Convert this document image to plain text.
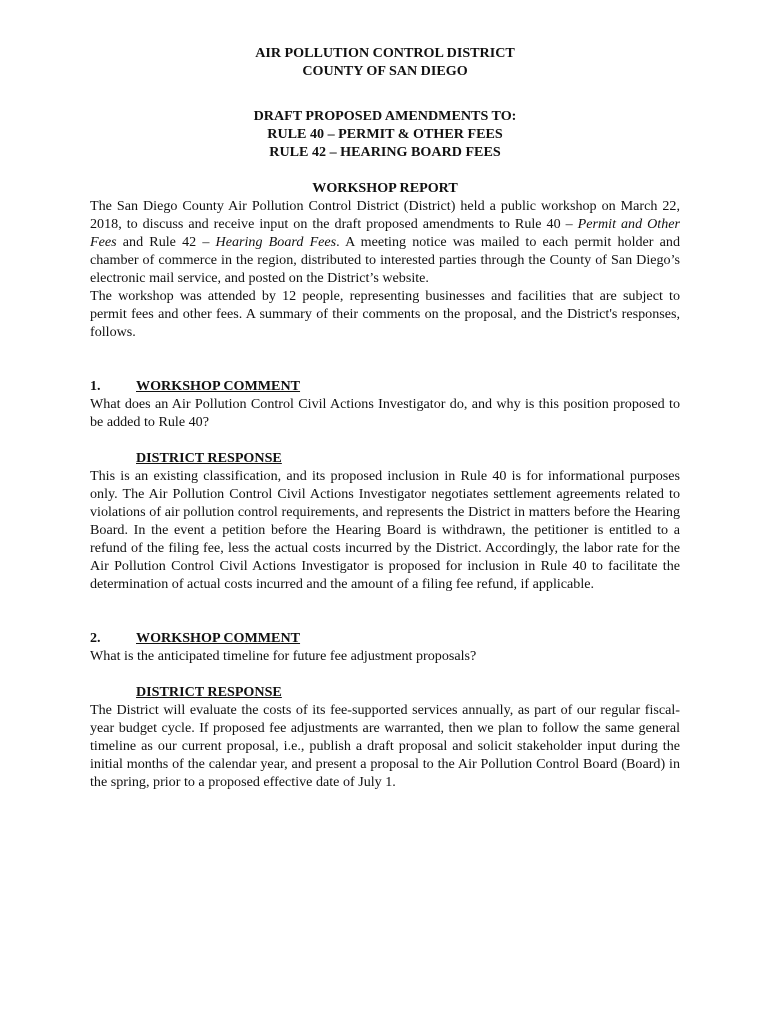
AIR POLLUTION CONTROL DISTRICT
COUNTY OF SAN DIEGO
DRAFT PROPOSED AMENDMENTS TO:
RULE 40 – PERMIT & OTHER FEES
RULE 42 – HEARING BOARD FEES
WORKSHOP REPORT

The San Diego County Air Pollution Control District (District) held a public workshop on March 22, 2018, to discuss and receive input on the draft proposed amendments to Rule 40 – Permit and Other Fees and Rule 42 – Hearing Board Fees. A meeting notice was mailed to each permit holder and chamber of commerce in the region, distributed to interested parties through the County of San Diego’s electronic mail service, and posted on the District’s website.

The workshop was attended by 12 people, representing businesses and facilities that are subject to permit fees and other fees. A summary of their comments on the proposal, and the District's responses, follows.

1.	WORKSHOP COMMENT

What does an Air Pollution Control Civil Actions Investigator do, and why is this position proposed to be added to Rule 40?

DISTRICT RESPONSE

This is an existing classification, and its proposed inclusion in Rule 40 is for informational purposes only. The Air Pollution Control Civil Actions Investigator negotiates settlement agreements related to violations of air pollution control requirements, and represents the District in matters before the Hearing Board. In the event a petition before the Hearing Board is withdrawn, the petitioner is entitled to a refund of the filing fee, less the actual costs incurred by the District. Accordingly, the labor rate for the Air Pollution Control Civil Actions Investigator is proposed for inclusion in Rule 40 to facilitate the determination of actual costs incurred and the amount of a filing fee refund, if applicable.

2.	WORKSHOP COMMENT

What is the anticipated timeline for future fee adjustment proposals?

DISTRICT RESPONSE

The District will evaluate the costs of its fee-supported services annually, as part of our regular fiscal-year budget cycle. If proposed fee adjustments are warranted, then we plan to follow the same general timeline as our current proposal, i.e., publish a draft proposal and solicit stakeholder input during the initial months of the calendar year, and present a proposal to the Air Pollution Control Board (Board) in the spring, prior to a proposed effective date of July 1.
